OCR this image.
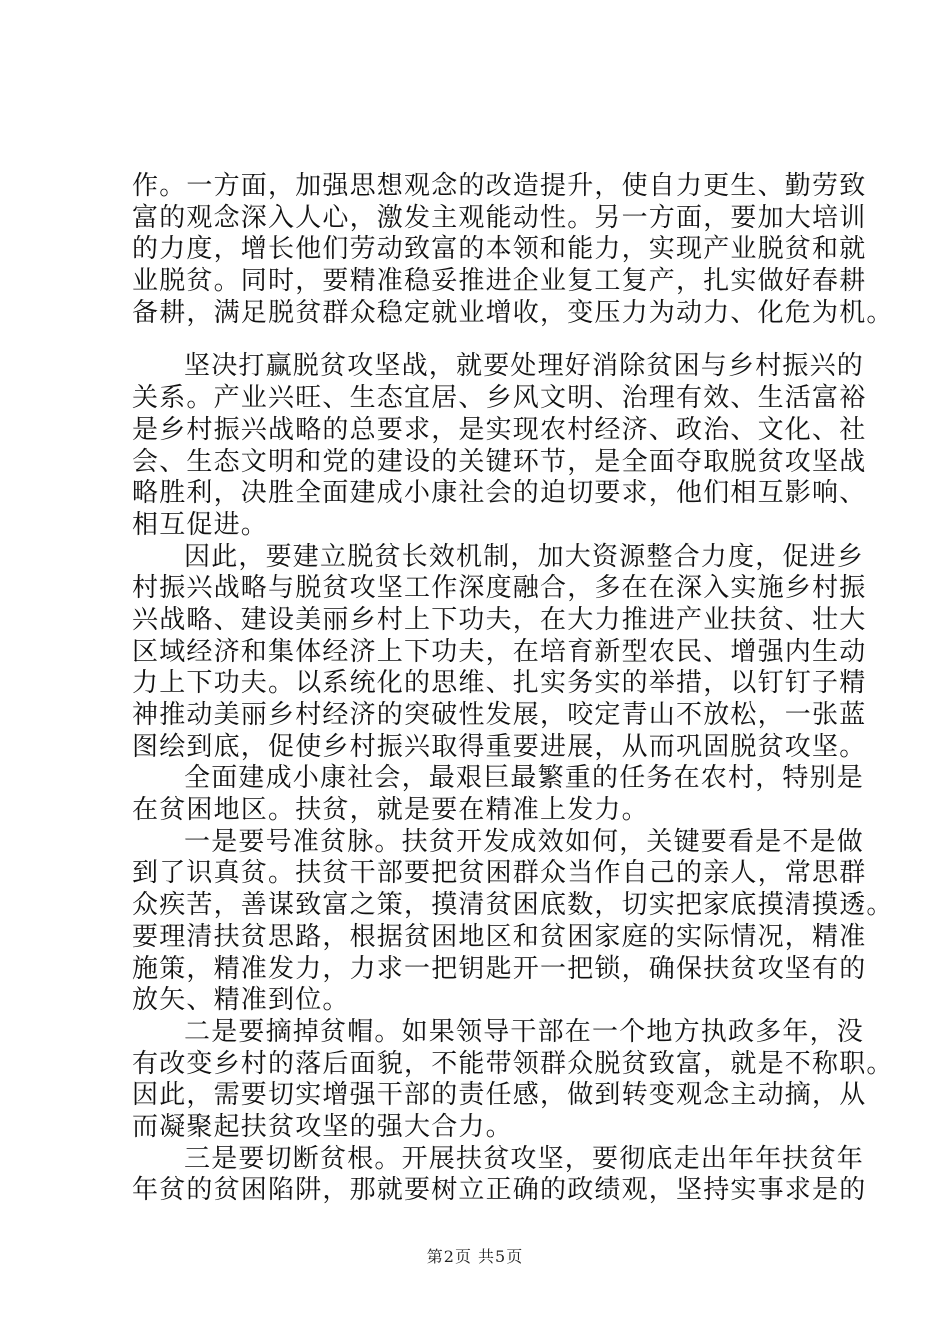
作。一方面，加强思想观念的改造提升，使自力更生、勤劳致
富的观念深入人心，激发主观能动性。另一方面，要加大培训
的力度，增长他们劳动致富的本领和能力，实现产业脱贫和就
业脱贫。同时，要精准稳妥推进企业复工复产，扎实做好春耕
备耕，满足脱贫群众稳定就业增收，变压力为动力、化危为机。
坚决打赢脱贫攻坚战，就要处理好消除贫困与乡村振兴的
关系。产业兴旺、生态宜居、乡风文明、治理有效、生活富裕
是乡村振兴战略的总要求，是实现农村经济、政治、文化、社
会、生态文明和党的建设的关键环节，是全面夺取脱贫攻坚战
略胜利，决胜全面建成小康社会的迫切要求，他们相互影响、
相互促进。
因此，要建立脱贫长效机制，加大资源整合力度，促进乡
村振兴战略与脱贫攻坚工作深度融合，多在在深入实施乡村振
兴战略、建设美丽乡村上下功夫，在大力推进产业扶贫、壮大
区域经济和集体经济上下功夫，在培育新型农民、增强内生动
力上下功夫。以系统化的思维、扎实务实的举措，以钉钉子精
神推动美丽乡村经济的突破性发展，咬定青山不放松，一张蓝
图绘到底，促使乡村振兴取得重要进展，从而巩固脱贫攻坚。
全面建成小康社会，最艰巨最繁重的任务在农村，特别是
在贫困地区。扶贫，就是要在精准上发力。
一是要号准贫脉。扶贫开发成效如何，关键要看是不是做
到了识真贫。扶贫干部要把贫困群众当作自己的亲人，常思群
众疾苦，善谋致富之策，摸清贫困底数，切实把家底摸清摸透。
要理清扶贫思路，根据贫困地区和贫困家庭的实际情况，精准
施策，精准发力，力求一把钥匙开一把锁，确保扶贫攻坚有的
放矢、精准到位。
二是要摘掉贫帽。如果领导干部在一个地方执政多年，没
有改变乡村的落后面貌，不能带领群众脱贫致富，就是不称职。
因此，需要切实增强干部的责任感，做到转变观念主动摘，从
而凝聚起扶贫攻坚的强大合力。
三是要切断贫根。开展扶贫攻坚，要彻底走出年年扶贫年
年贫的贫困陷阱，那就要树立正确的政绩观，坚持实事求是的
第2页 共5页
